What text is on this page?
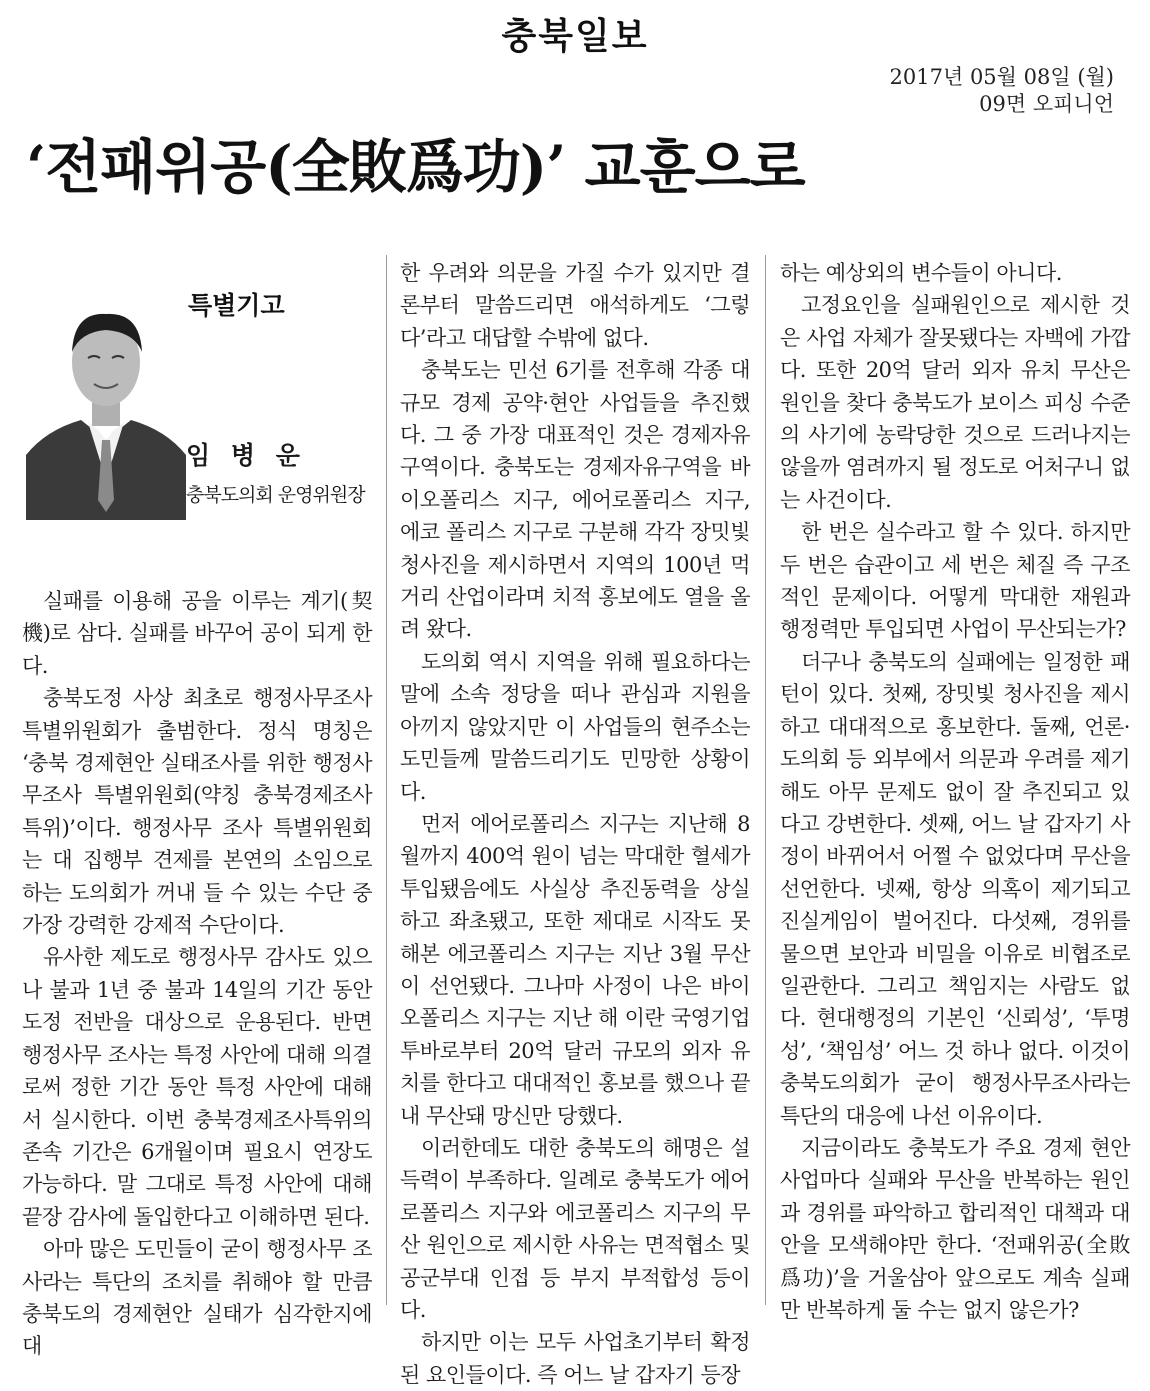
충북일보
2017년 05월 08일 (월)
09면 오피니언
‘전패위공(全敗爲功)’ 교훈으로
특별기고
임 병 운
충북도의회 운영위원장

실패를 이용해 공을 이루는 계기(契機)로 삼다. 실패를 바꾸어 공이 되게 한다.

충북도정 사상 최초로 행정사무조사 특별위원회가 출범한다. 정식 명칭은 ‘충북 경제현안 실태조사를 위한 행정사무조사 특별위원회(약칭 충북경제조사특위)’이다. 행정사무 조사 특별위원회는 대 집행부 견제를 본연의 소임으로 하는 도의회가 꺼내 들 수 있는 수단 중 가장 강력한 강제적 수단이다.

유사한 제도로 행정사무 감사도 있으나 불과 1년 중 불과 14일의 기간 동안 도정 전반을 대상으로 운용된다. 반면 행정사무 조사는 특정 사안에 대해 의결로써 정한 기간 동안 특정 사안에 대해서 실시한다. 이번 충북경제조사특위의 존속 기간은 6개월이며 필요시 연장도 가능하다. 말 그대로 특정 사안에 대해 끝장 감사에 돌입한다고 이해하면 된다.

아마 많은 도민들이 굳이 행정사무 조사라는 특단의 조치를 취해야 할 만큼 충북도의 경제현안 실태가 심각한지에 대

한 우려와 의문을 가질 수가 있지만 결론부터 말씀드리면 애석하게도 ‘그렇다’라고 대답할 수밖에 없다.

충북도는 민선 6기를 전후해 각종 대규모 경제 공약·현안 사업들을 추진했다. 그 중 가장 대표적인 것은 경제자유구역이다. 충북도는 경제자유구역을 바이오폴리스 지구, 에어로폴리스 지구, 에코 폴리스 지구로 구분해 각각 장밋빛 청사진을 제시하면서 지역의 100년 먹거리 산업이라며 치적 홍보에도 열을 올려 왔다.

도의회 역시 지역을 위해 필요하다는 말에 소속 정당을 떠나 관심과 지원을 아끼지 않았지만 이 사업들의 현주소는 도민들께 말씀드리기도 민망한 상황이다.

먼저 에어로폴리스 지구는 지난해 8월까지 400억 원이 넘는 막대한 혈세가 투입됐음에도 사실상 추진동력을 상실하고 좌초됐고, 또한 제대로 시작도 못해본 에코폴리스 지구는 지난 3월 무산이 선언됐다. 그나마 사정이 나은 바이오폴리스 지구는 지난 해 이란 국영기업 투바로부터 20억 달러 규모의 외자 유치를 한다고 대대적인 홍보를 했으나 끝내 무산돼 망신만 당했다.

이러한데도 대한 충북도의 해명은 설득력이 부족하다. 일례로 충북도가 에어로폴리스 지구와 에코폴리스 지구의 무산 원인으로 제시한 사유는 면적협소 및 공군부대 인접 등 부지 부적합성 등이다.

하지만 이는 모두 사업초기부터 확정된 요인들이다. 즉 어느 날 갑자기 등장

하는 예상외의 변수들이 아니다.

고정요인을 실패원인으로 제시한 것은 사업 자체가 잘못됐다는 자백에 가깝다. 또한 20억 달러 외자 유치 무산은 원인을 찾다 충북도가 보이스 피싱 수준의 사기에 농락당한 것으로 드러나지는 않을까 염려까지 될 정도로 어처구니 없는 사건이다.

한 번은 실수라고 할 수 있다. 하지만 두 번은 습관이고 세 번은 체질 즉 구조적인 문제이다. 어떻게 막대한 재원과 행정력만 투입되면 사업이 무산되는가?

더구나 충북도의 실패에는 일정한 패턴이 있다. 첫째, 장밋빛 청사진을 제시하고 대대적으로 홍보한다. 둘째, 언론·도의회 등 외부에서 의문과 우려를 제기해도 아무 문제도 없이 잘 추진되고 있다고 강변한다. 셋째, 어느 날 갑자기 사정이 바뀌어서 어쩔 수 없었다며 무산을 선언한다. 넷째, 항상 의혹이 제기되고 진실게임이 벌어진다. 다섯째, 경위를 물으면 보안과 비밀을 이유로 비협조로 일관한다. 그리고 책임지는 사람도 없다. 현대행정의 기본인 ‘신뢰성’, ‘투명성’, ‘책임성’ 어느 것 하나 없다. 이것이 충북도의회가 굳이 행정사무조사라는 특단의 대응에 나선 이유이다.

지금이라도 충북도가 주요 경제 현안 사업마다 실패와 무산을 반복하는 원인과 경위를 파악하고 합리적인 대책과 대안을 모색해야만 한다. ‘전패위공(全敗爲功)’을 거울삼아 앞으로도 계속 실패만 반복하게 둘 수는 없지 않은가?
